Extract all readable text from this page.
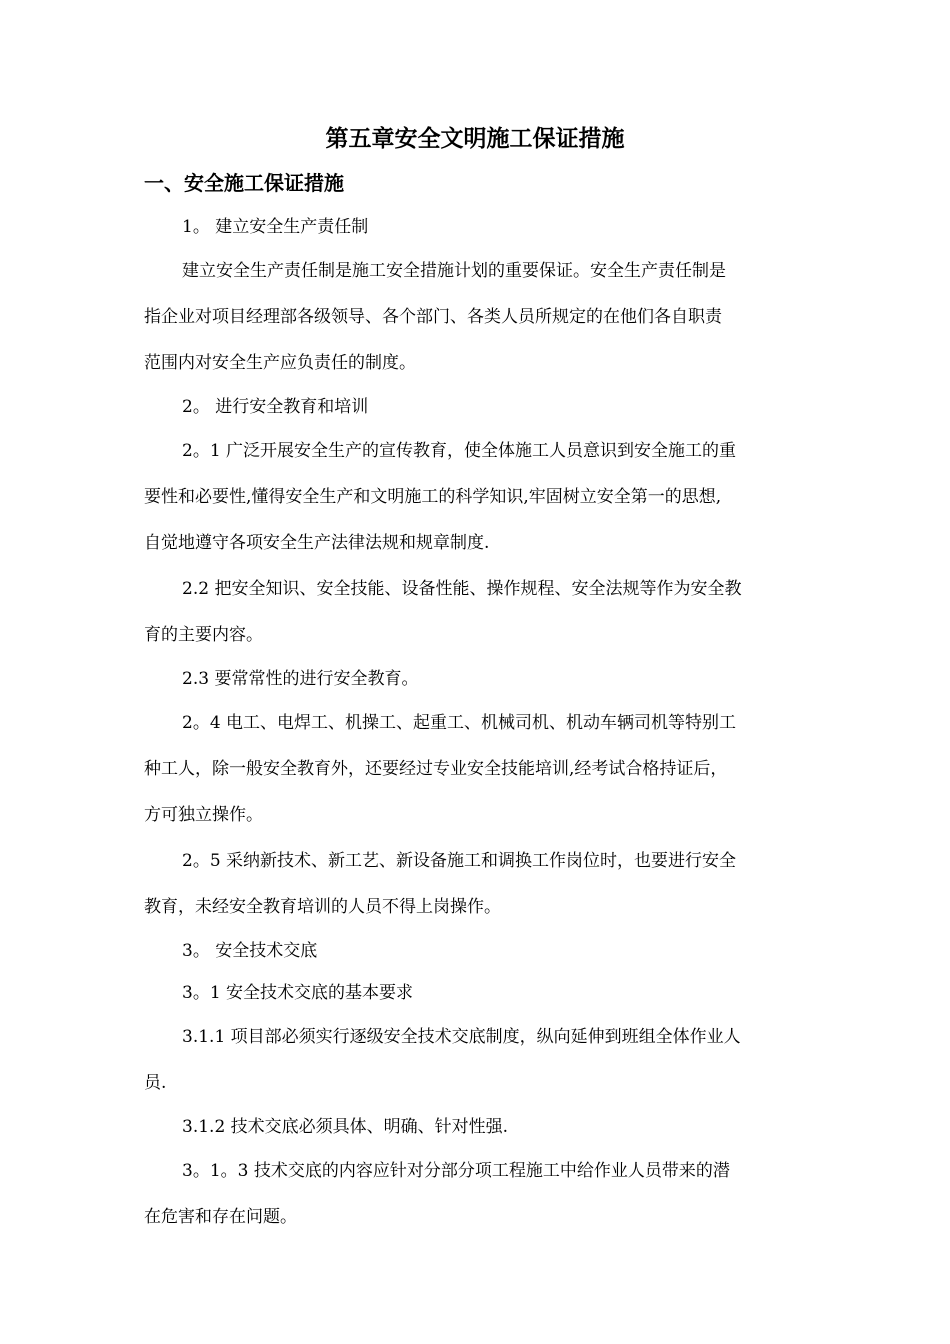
第五章安全文明施工保证措施
一、安全施工保证措施
1。 建立安全生产责任制
建立安全生产责任制是施工安全措施计划的重要保证。安全生产责任制是
指企业对项目经理部各级领导、各个部门、各类人员所规定的在他们各自职责
范围内对安全生产应负责任的制度。
2。 进行安全教育和培训
2。1 广泛开展安全生产的宣传教育，使全体施工人员意识到安全施工的重
要性和必要性,懂得安全生产和文明施工的科学知识,牢固树立安全第一的思想,
自觉地遵守各项安全生产法律法规和规章制度.
2.2 把安全知识、安全技能、设备性能、操作规程、安全法规等作为安全教
育的主要内容。
2.3 要常常性的进行安全教育。
2。4 电工、电焊工、机操工、起重工、机械司机、机动车辆司机等特别工
种工人，除一般安全教育外，还要经过专业安全技能培训,经考试合格持证后，
方可独立操作。
2。5 采纳新技术、新工艺、新设备施工和调换工作岗位时，也要进行安全
教育，未经安全教育培训的人员不得上岗操作。
3。 安全技术交底
3。1 安全技术交底的基本要求
3.1.1 项目部必须实行逐级安全技术交底制度，纵向延伸到班组全体作业人
员.
3.1.2 技术交底必须具体、明确、针对性强.
3。1。3 技术交底的内容应针对分部分项工程施工中给作业人员带来的潜
在危害和存在问题。
